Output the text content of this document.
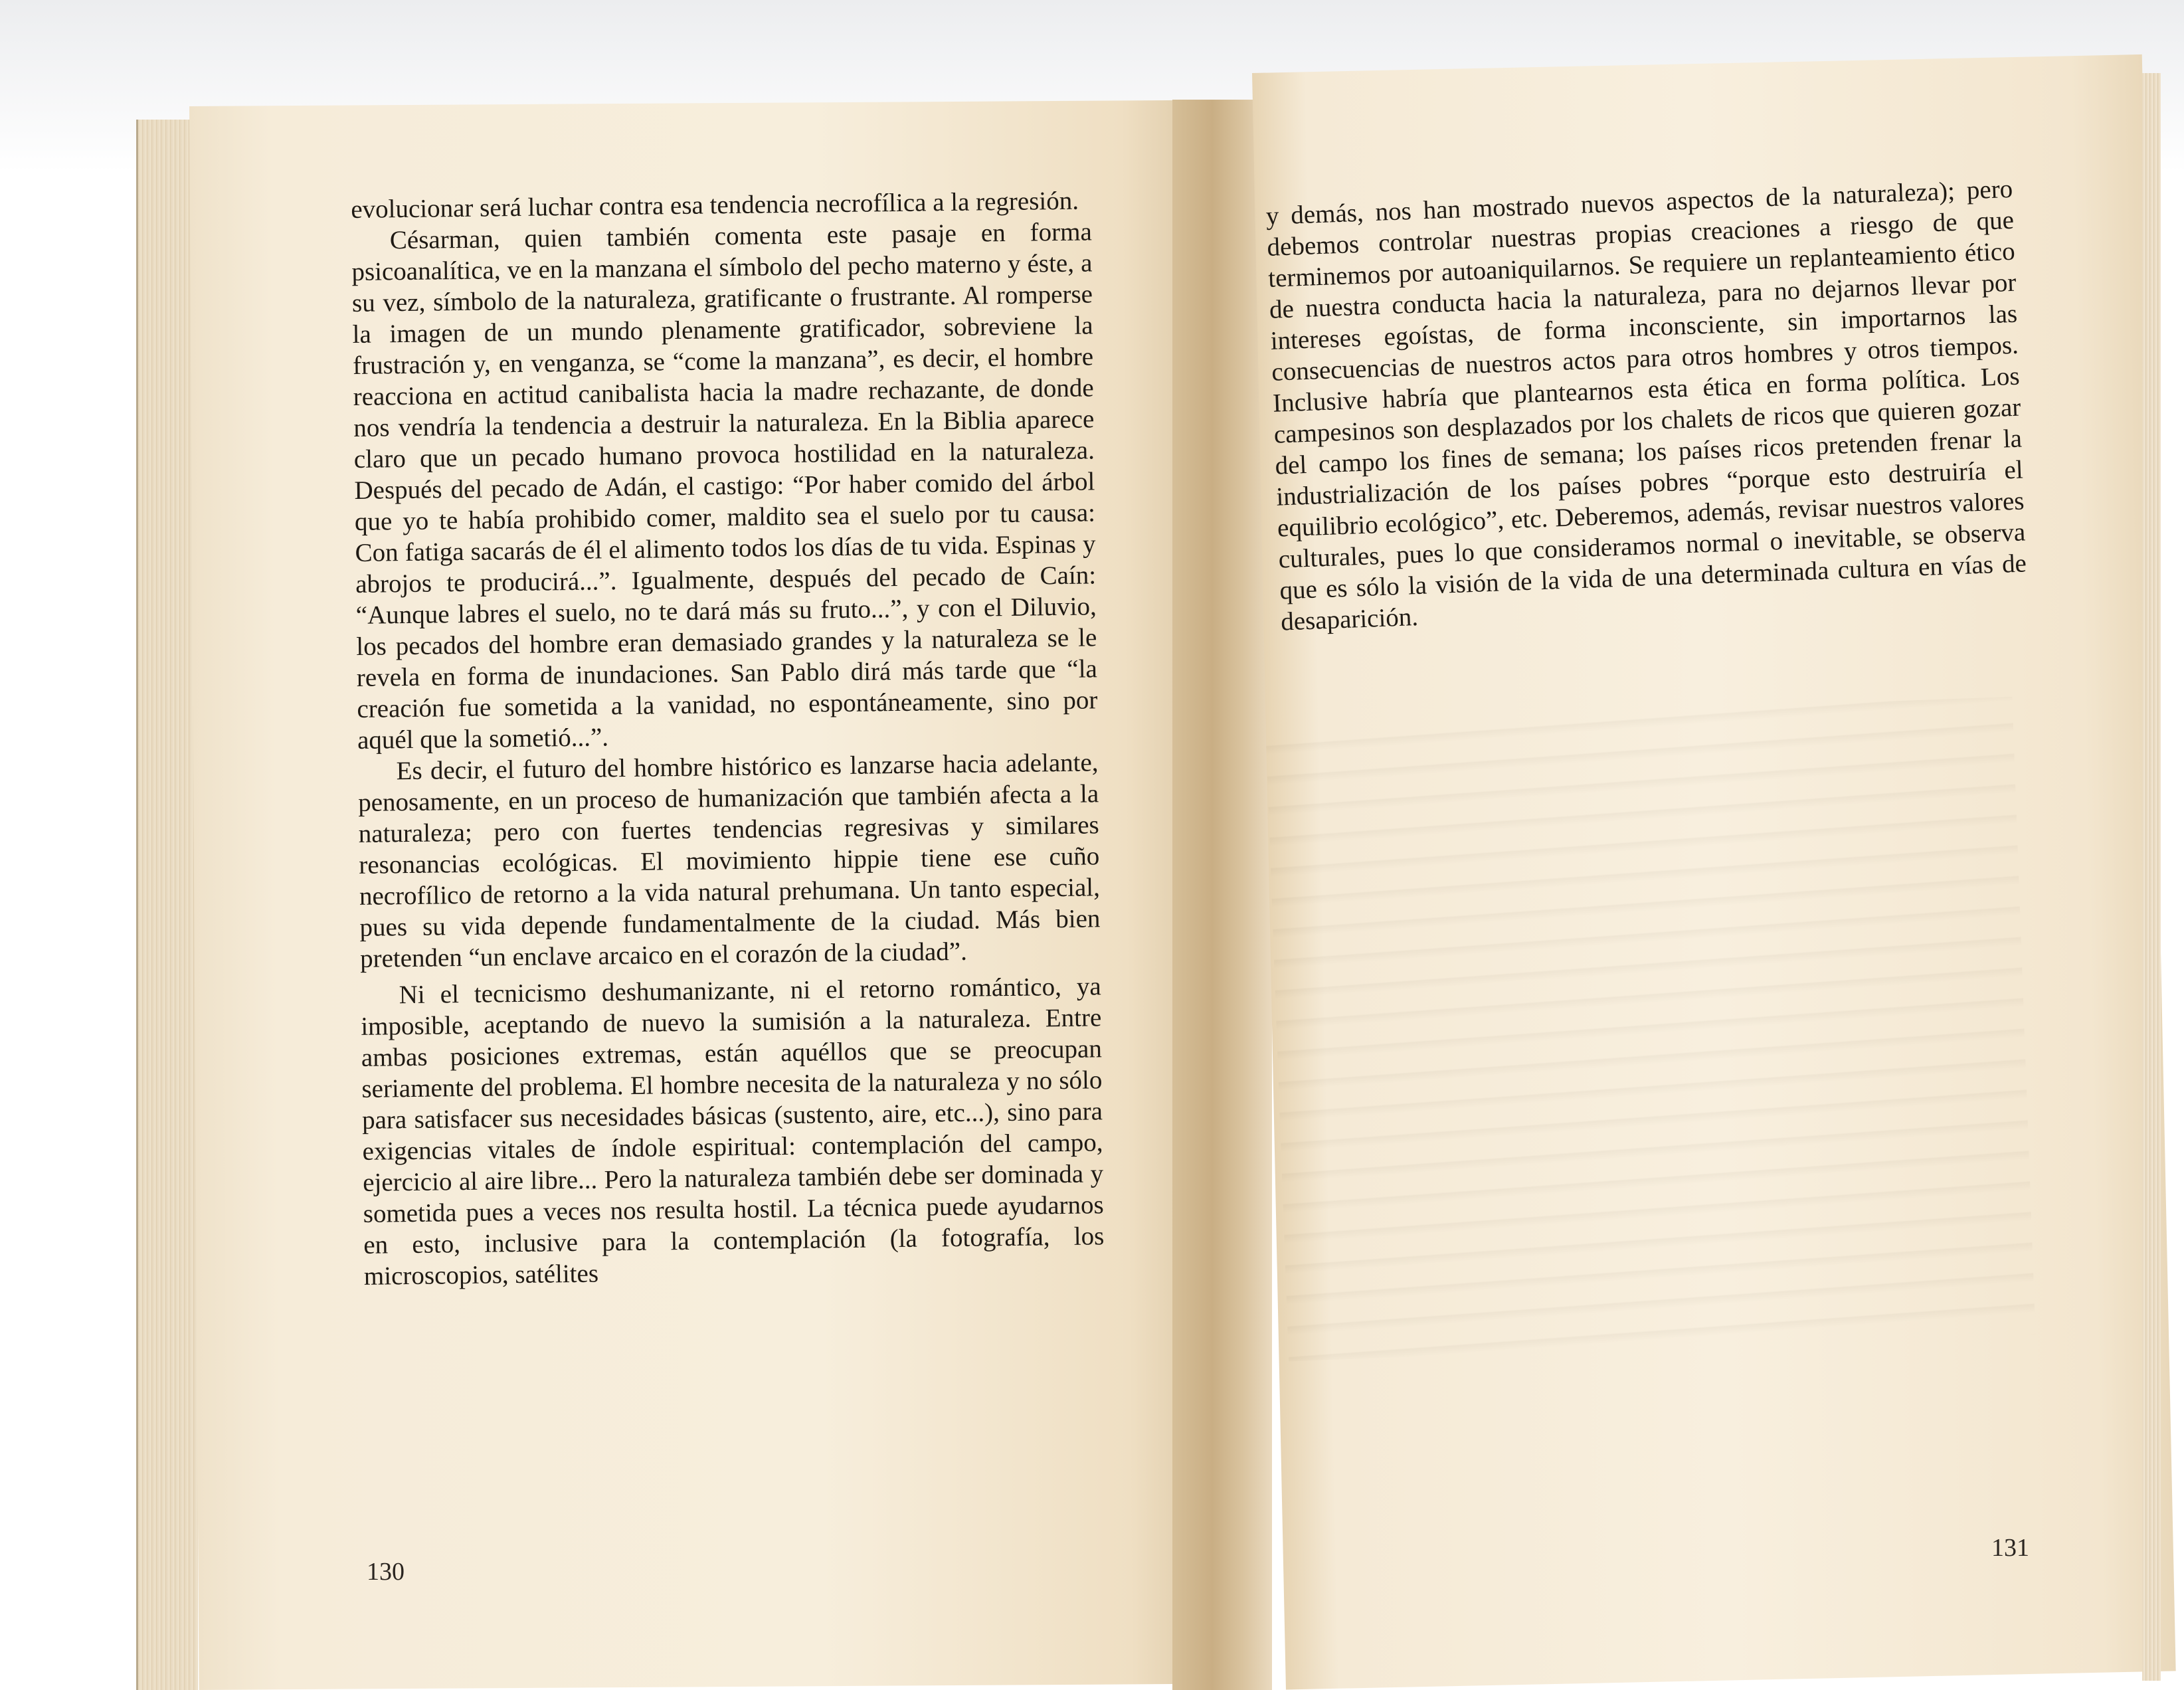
evolucionar será luchar contra esa tendencia necrofílica a la regresión.

Césarman, quien también comenta este pasaje en forma psicoanalítica, ve en la manzana el símbolo del pecho materno y éste, a su vez, símbolo de la naturaleza, gratificante o frustrante. Al romperse la imagen de un mundo plenamente gratificador, sobreviene la frustración y, en venganza, se “come la manzana”, es decir, el hombre reacciona en actitud canibalista hacia la madre rechazante, de donde nos vendría la tendencia a destruir la naturaleza. En la Biblia aparece claro que un pecado humano provoca hostilidad en la naturaleza. Después del pecado de Adán, el castigo: “Por haber comido del árbol que yo te había prohibido comer, maldito sea el suelo por tu causa: Con fatiga sacarás de él el alimento todos los días de tu vida. Espinas y abrojos te producirá...”. Igualmente, después del pecado de Caín: “Aunque labres el suelo, no te dará más su fruto...”, y con el Diluvio, los pecados del hombre eran demasiado grandes y la naturaleza se le revela en forma de inundaciones. San Pablo dirá más tarde que “la creación fue sometida a la vanidad, no espontáneamente, sino por aquél que la sometió...”.

Es decir, el futuro del hombre histórico es lanzarse hacia adelante, penosamente, en un proceso de humanización que también afecta a la naturaleza; pero con fuertes tendencias regresivas y similares resonancias ecológicas. El movimiento hippie tiene ese cuño necrofílico de retorno a la vida natural prehumana. Un tanto especial, pues su vida depende fundamentalmente de la ciudad. Más bien pretenden “un enclave arcaico en el corazón de la ciudad”.

Ni el tecnicismo deshumanizante, ni el retorno romántico, ya imposible, aceptando de nuevo la sumisión a la naturaleza. Entre ambas posiciones extremas, están aquéllos que se preocupan seriamente del problema. El hombre necesita de la naturaleza y no sólo para satisfacer sus necesidades básicas (sustento, aire, etc...), sino para exigencias vitales de índole espiritual: contemplación del campo, ejercicio al aire libre... Pero la naturaleza también debe ser dominada y sometida pues a veces nos resulta hostil. La técnica puede ayudarnos en esto, inclusive para la contemplación (la fotografía, los microscopios, satélites

130

y demás, nos han mostrado nuevos aspectos de la naturaleza); pero debemos controlar nuestras propias creaciones a riesgo de que terminemos por autoaniquilarnos. Se requiere un replanteamiento ético de nuestra conducta hacia la naturaleza, para no dejarnos llevar por intereses egoístas, de forma inconsciente, sin importarnos las consecuencias de nuestros actos para otros hombres y otros tiempos. Inclusive habría que plantearnos esta ética en forma política. Los campesinos son desplazados por los chalets de ricos que quieren gozar del campo los fines de semana; los países ricos pretenden frenar la industrialización de los países pobres “porque esto destruiría el equilibrio ecológico”, etc. Deberemos, además, revisar nuestros valores culturales, pues lo que consideramos normal o inevitable, se observa que es sólo la visión de la vida de una determinada cultura en vías de desaparición.

131
